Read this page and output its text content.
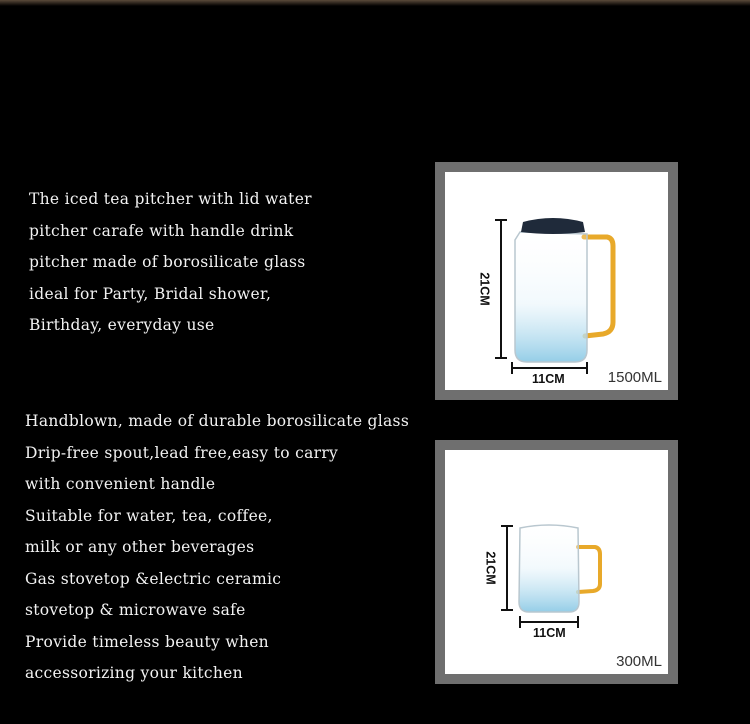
The iced tea pitcher with lid water
pitcher carafe with handle drink
pitcher made of borosilicate glass
ideal for Party, Bridal shower,
Birthday, everyday use
Handblown, made of durable borosilicate glass
Drip-free spout,lead free,easy to carry
with convenient handle
Suitable for water, tea, coffee,
milk or any other beverages
Gas stovetop &electric ceramic
stovetop & microwave safe
Provide timeless beauty when
accessorizing your kitchen
21CM
11CM	1500ML
21CM
11CM
300ML
